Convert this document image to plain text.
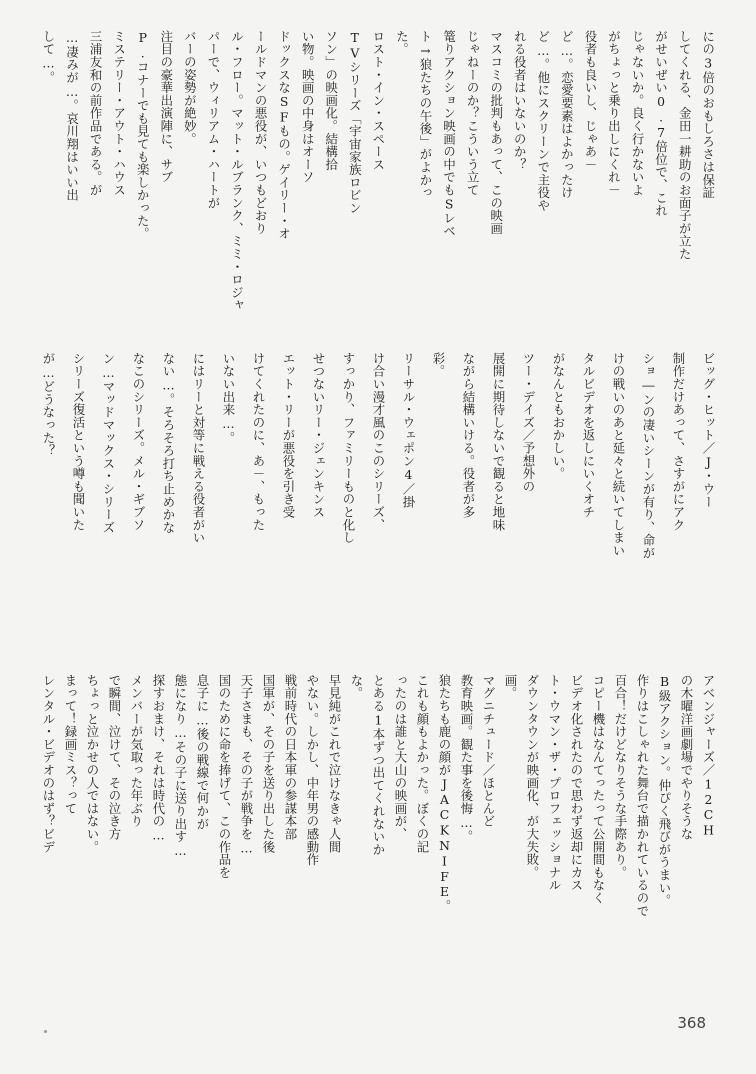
にの3倍のおもしろさは保証
してくれる、金田一耕助のお面子が立た
がせいぜい0.7倍位で、これ
じゃないか。良く行かないよ
がちょっと乗り出しにくれ－
役者も良いし、じゃあ－
ど…。恋愛要素はよかったけ
ど…。他にスクリーンで主役や
れる役者はいないのか？
マスコミの批判もあって、この映画
じゃねーのか？こういう立て
篭りアクション映画の中でもSレベ
ト→狼たちの午後」がよかっ
た。
ロスト・イン・スペース
TVシリーズ「宇宙家族ロビン
ソン」の映画化。結構拾
い物。映画の中身はオーソ
ドックスなSFもの。ゲイリー・オ
ールドマンの悪役が、いつもどおり
ル・フロー。マット・ルブランク、ミミ・ロジャ
パーで、ウィリアム・ハートが
バーの姿勢が絶妙。
注目の豪華出演陣に、サブ
P.コナーでも見ても楽しかった。
ミステリー・アウト・ハウス
三浦友和の前作品である。が
…凄みが…。哀川翔はいい出
して…。
ビッグ・ヒット／J・ウー
制作だけあって、さすがにアク
ショ―ンの凄いシーンが有り、命が
けの戦いのあと延々と続いてしまい
タルビデオを返しにいくオチ
がなんともおかしい。
ツー・デイズ／予想外の
展開に期待しないで観ると地味
ながら結構いける。役者が多
彩。
リーサル・ウェポン4／掛
け合い漫才風のこのシリーズ、
すっかり、ファミリーものと化し
せつないリー・ジェンキンス
エット・リーが悪役を引き受
けてくれたのに、あ－、もった
いない出来…。
にはリーと対等に戦える役者がい
ない…。そろそろ打ち止めかな
なこのシリーズ。メル・ギブソ
ン…マッドマックス・シリーズ
シリーズ復活という噂も聞いた
が…どうなった？
アベンジャーズ／12CH
の木曜洋画劇場でやりそうな
B級アクション。仲ぴく飛びがうまい。
作りはこしゃれた舞台で描かれているので
百合！だけどなりそうな手際あり。
コピー機はなんてったって公開間もなく
ビデオ化されたので思わず返却にカス
ト・ウマン・ザ・プロフェッショナル
ダウンタウンが映画化、が大失敗。
画。
マグニチュード／ほとんど
教育映画。観た事を後悔…。
狼たちも鹿の顔がJACKNIFE。
これも顔もよかった。ぼくの記
ったのは誰と大山の映画が、
とある1本ずつ出てくれないか
な。
早見純がこれで泣けなきゃ人間
やない。しかし、中年男の感動作
戦前時代の日本軍の参謀本部
国軍が、その子を送り出した後
天子さまも、その子が戦争を…
国のために命を捧げて、この作品を
息子に…後の戦線で何かが
態になり…その子に送り出す…
探すおまけ、それは時代の…
メンバーが気取った年ぶり
で瞬間、泣けて、その泣き方
ちょっと泣かせの人ではない。
まって！録画ミス？って
レンタル・ビデオのはず？ビデ
368
